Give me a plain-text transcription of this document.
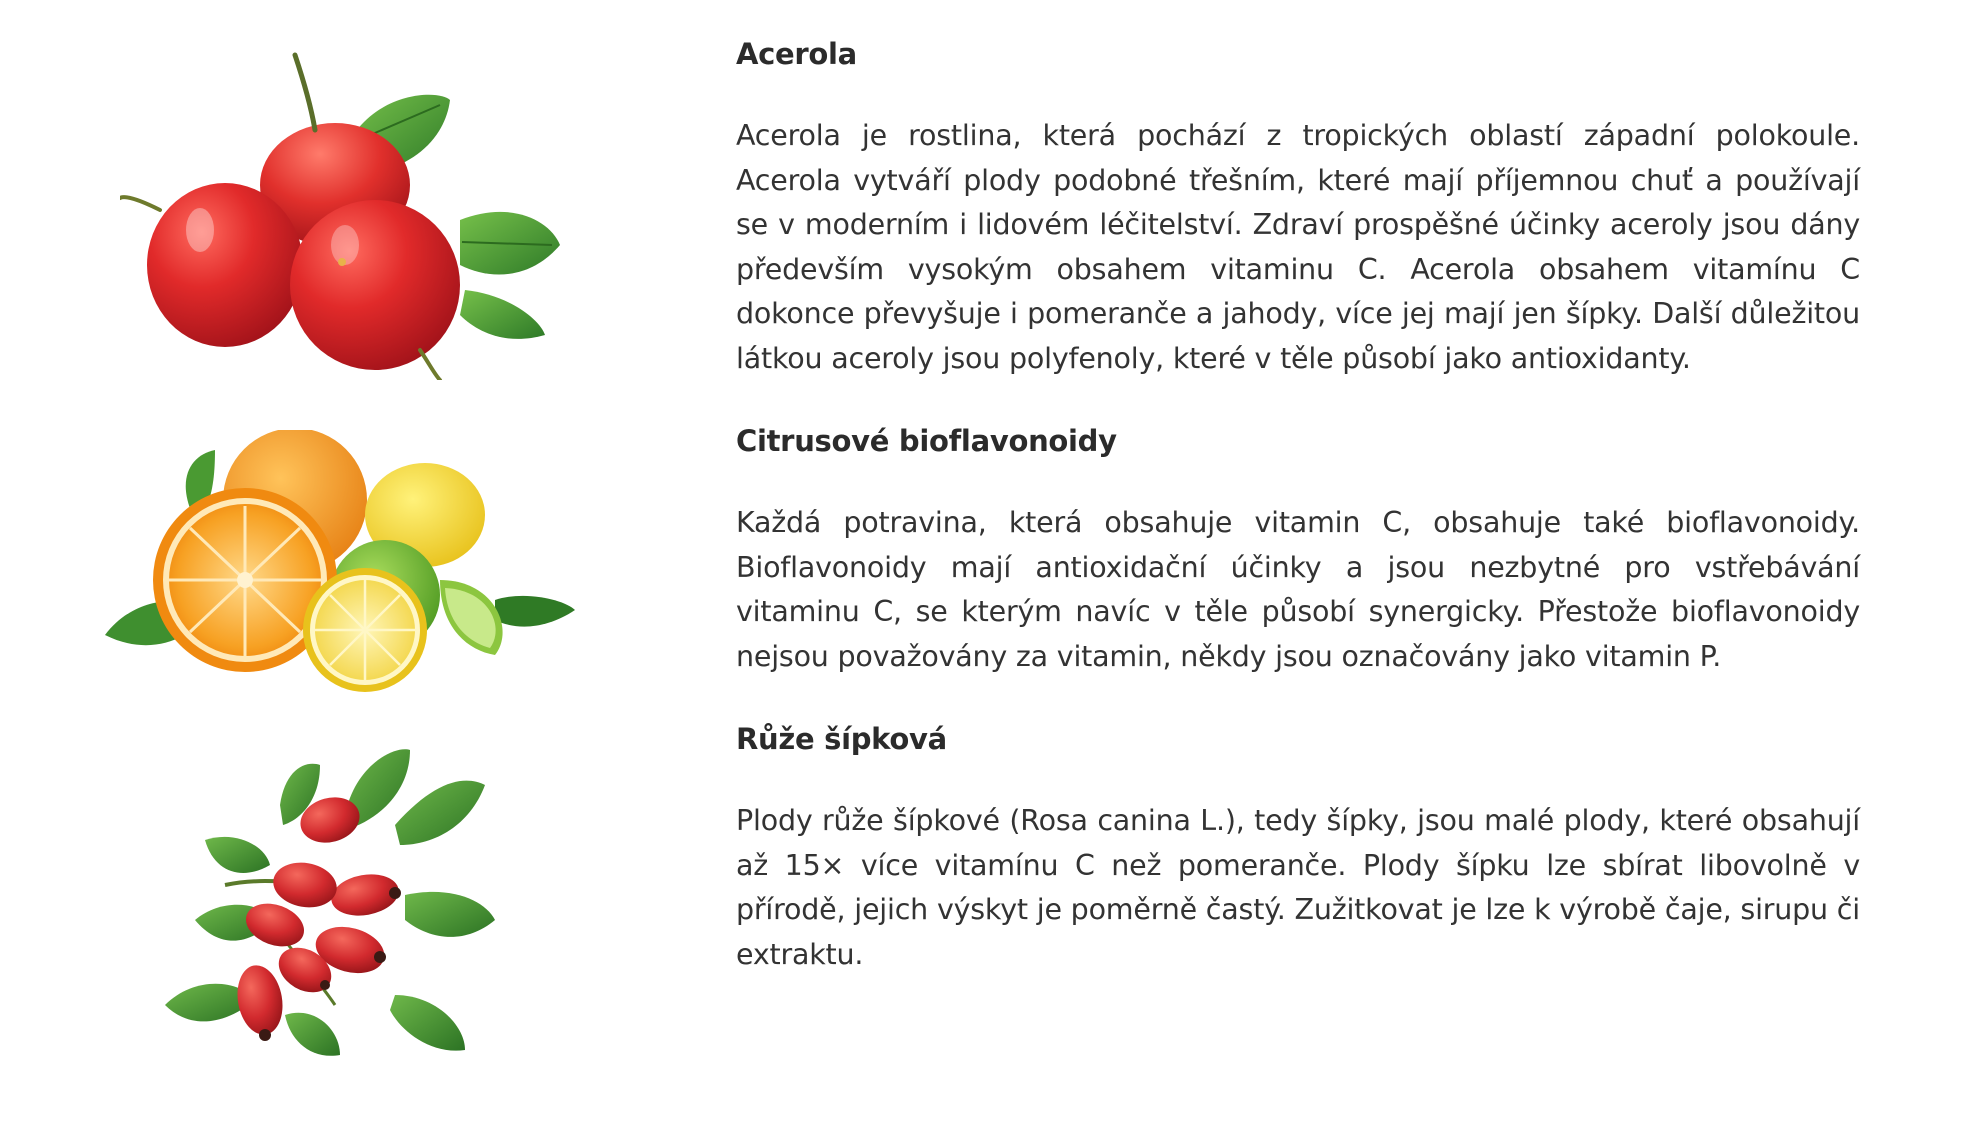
Acerola

Acerola je rostlina, která pochází z tropických oblastí západní polokoule. Acerola vytváří plody podobné třešním, které mají příjemnou chuť a používají se v moderním i lidovém léčitelství. Zdraví prospěšné účinky aceroly jsou dány především vysokým obsahem vitaminu C. Acerola obsahem vitamínu C dokonce převyšuje i pomeranče a jahody, více jej mají jen šípky. Další důležitou látkou aceroly jsou polyfenoly, které v těle působí jako antioxidanty.

Citrusové bioflavonoidy

Každá potravina, která obsahuje vitamin C, obsahuje také bioflavonoidy. Bioflavonoidy mají antioxidační účinky a jsou nezbytné pro vstřebávání vitaminu C, se kterým navíc v těle působí synergicky. Přestože bioflavonoidy nejsou považovány za vitamin, někdy jsou označovány jako vitamin P.

Růže šípková

Plody růže šípkové (Rosa canina L.), tedy šípky, jsou malé plody, které obsahují až 15× více vitamínu C než pomeranče. Plody šípku lze sbírat libovolně v přírodě, jejich výskyt je poměrně častý. Zužitkovat je lze k výrobě čaje, sirupu či extraktu.
